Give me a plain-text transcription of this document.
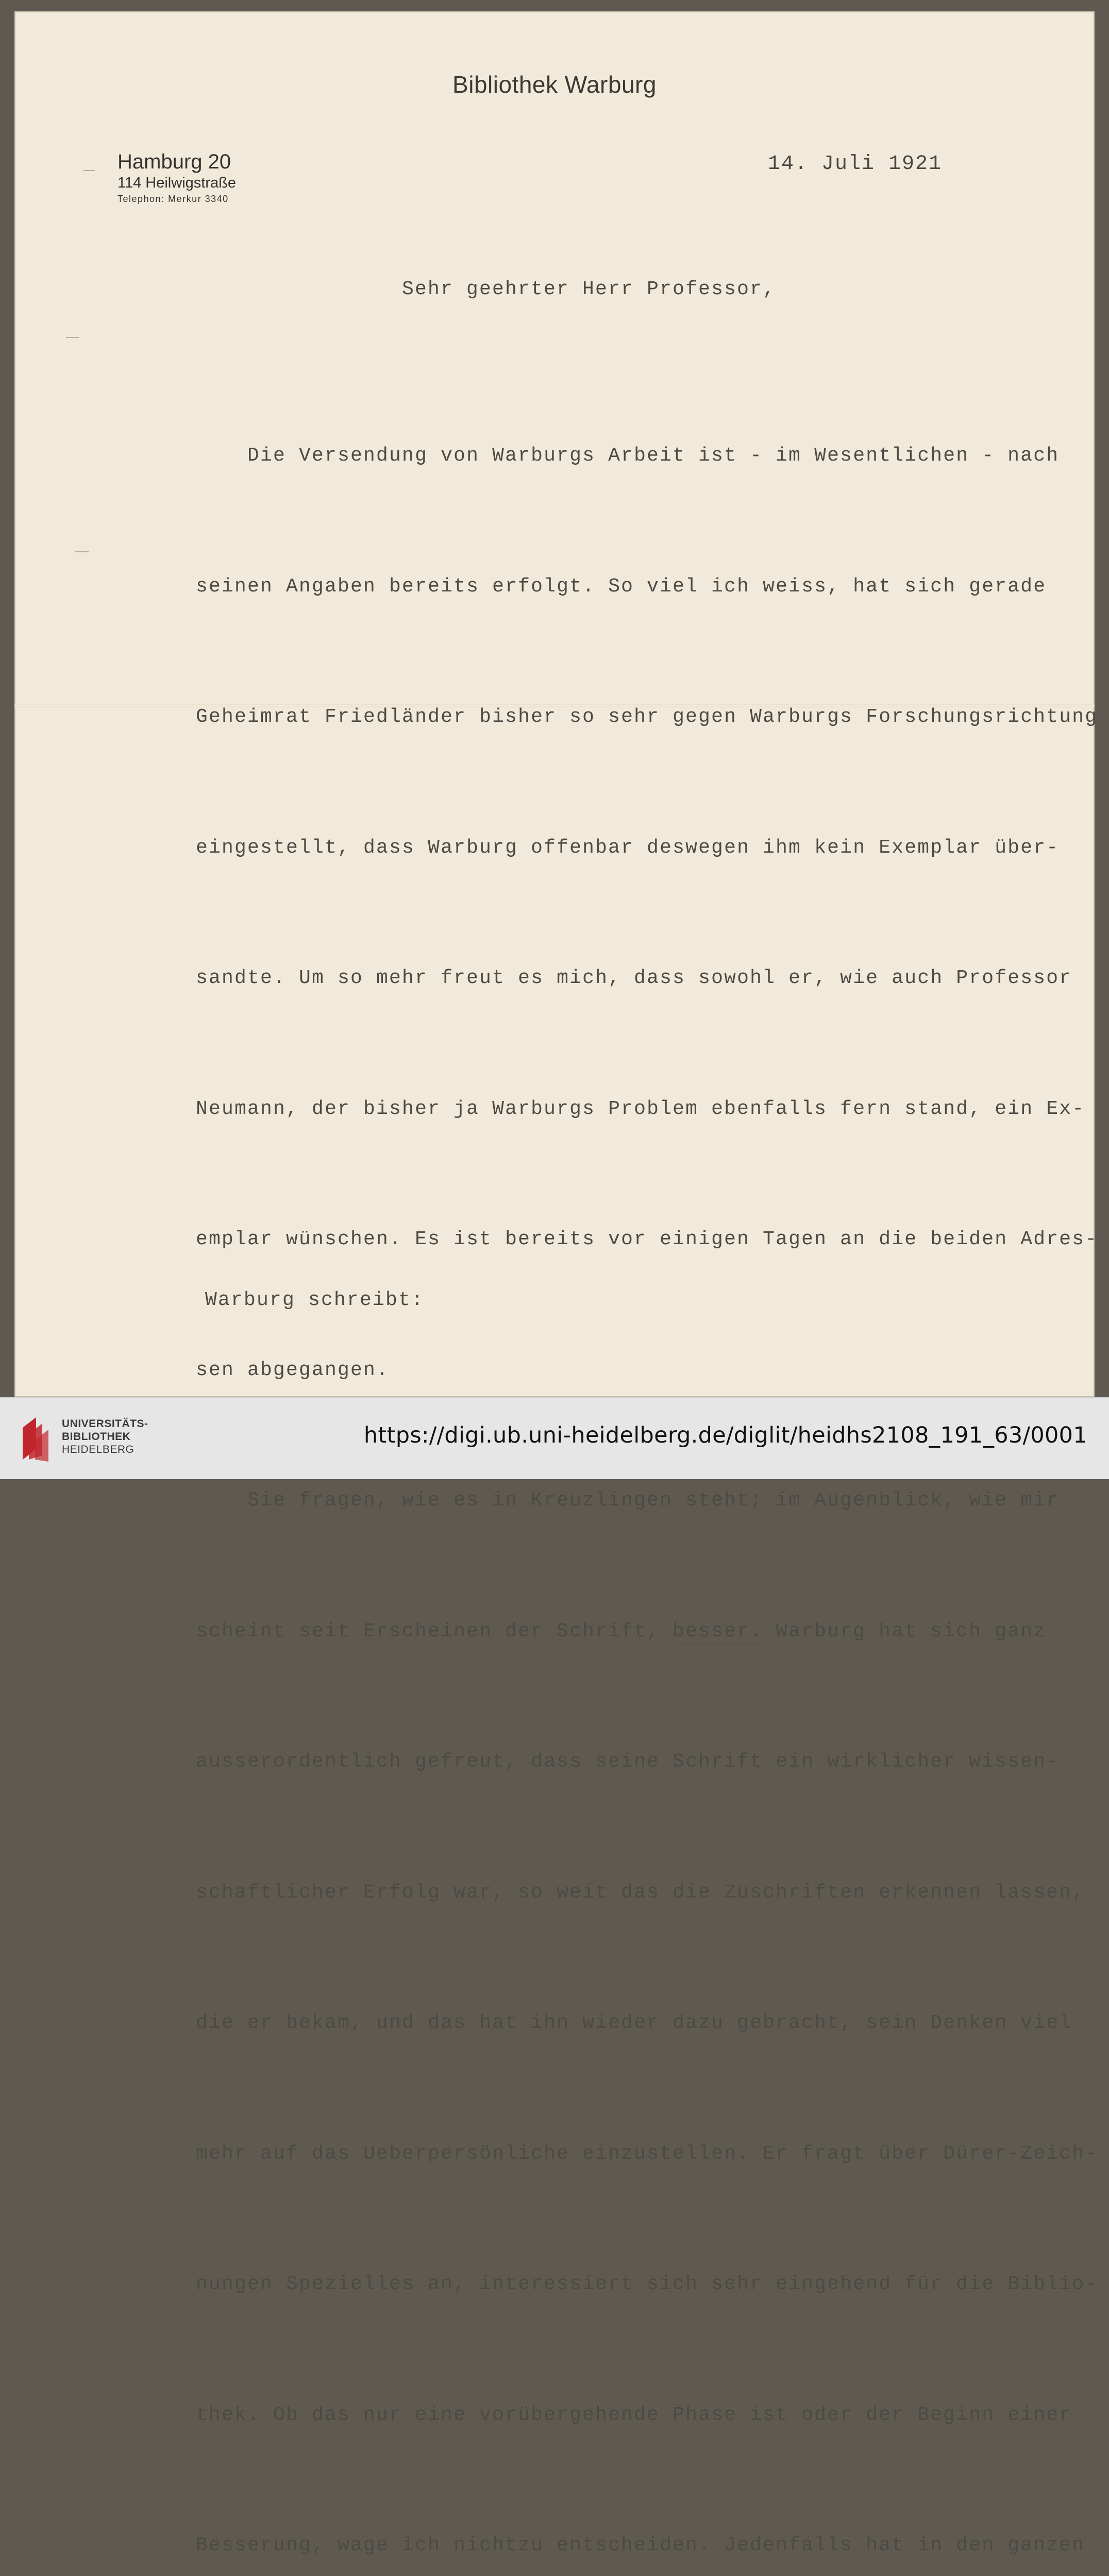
Bibliothek Warburg
Hamburg 20
114 Heilwigstraße
Telephon: Merkur 3340
14. Juli 1921
Sehr geehrter Herr Professor,

Die Versendung von Warburgs Arbeit ist - im Wesentlichen - nach

seinen Angaben bereits erfolgt. So viel ich weiss, hat sich gerade

Geheimrat Friedländer bisher so sehr gegen Warburgs Forschungsrichtung

eingestellt, dass Warburg offenbar deswegen ihm kein Exemplar über-

sandte. Um so mehr freut es mich, dass sowohl er, wie auch Professor

Neumann, der bisher ja Warburgs Problem ebenfalls fern stand, ein Ex-

emplar wünschen. Es ist bereits vor einigen Tagen an die beiden Adres-

sen abgegangen.

Sie fragen, wie es in Kreuzlingen steht; im Augenblick, wie mir

scheint seit Erscheinen der Schrift, besser. Warburg hat sich ganz

ausserordentlich gefreut, dass seine Schrift ein wirklicher wissen-

schaftlicher Erfolg war, so weit das die Zuschriften erkennen lassen,

die er bekam, und das hat ihn wieder dazu gebracht, sein Denken viel

mehr auf das Ueberpersönliche einzustellen. Er fragt über Dürer-Zeich-

nungen Spezielles an, interessiert sich sehr eingehend für die Biblio-

thek. Ob das nur eine vorübergehende Phase ist oder der Beginn einer

Besserung, wage ich nichtzu entscheiden. Jedenfalls hat in den ganzen

Warburg schreibt:
UNIVERSITÄTS-
BIBLIOTHEK
HEIDELBERG
https://digi.ub.uni-heidelberg.de/diglit/heidhs2108_191_63/0001
